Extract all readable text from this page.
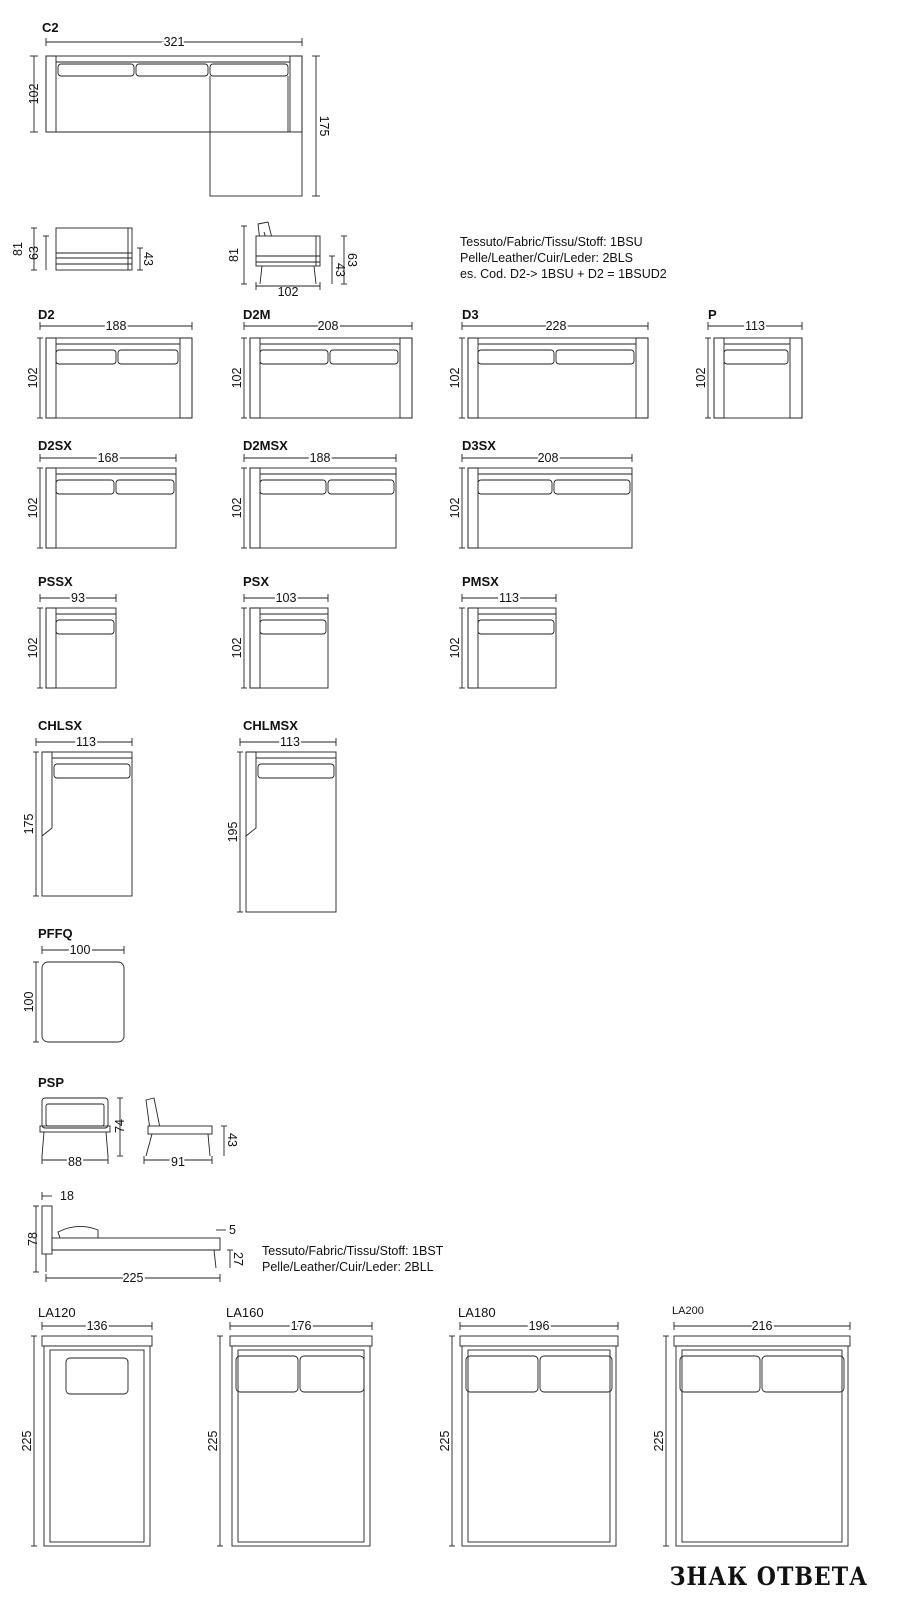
321
102
175
81 63	43	81
102
43
63
188
102
208
102
228
102
113
102
168
102
188
102
208
102
93
102
103
102
113
102
113
175
113
195
100
100
88
74
91
43
18
78
5
27
225
136
225
176
225
196
225
216
225
C2
D2	D2M	D3	P
D2SX	D2MSX	D3SX
PSSX	PSX	PMSX
CHLSX	CHLMSX
PFFQ
PSP
LA120	LA160	LA180	LA200
Tessuto/Fabric/Tissu/Stoff: 1BSU
Pelle/Leather/Cuir/Leder: 2BLS
es. Cod. D2-> 1BSU + D2 = 1BSUD2
Tessuto/Fabric/Tissu/Stoff: 1BST
Pelle/Leather/Cuir/Leder: 2BLL
ЗНАК ОТВЕТА
